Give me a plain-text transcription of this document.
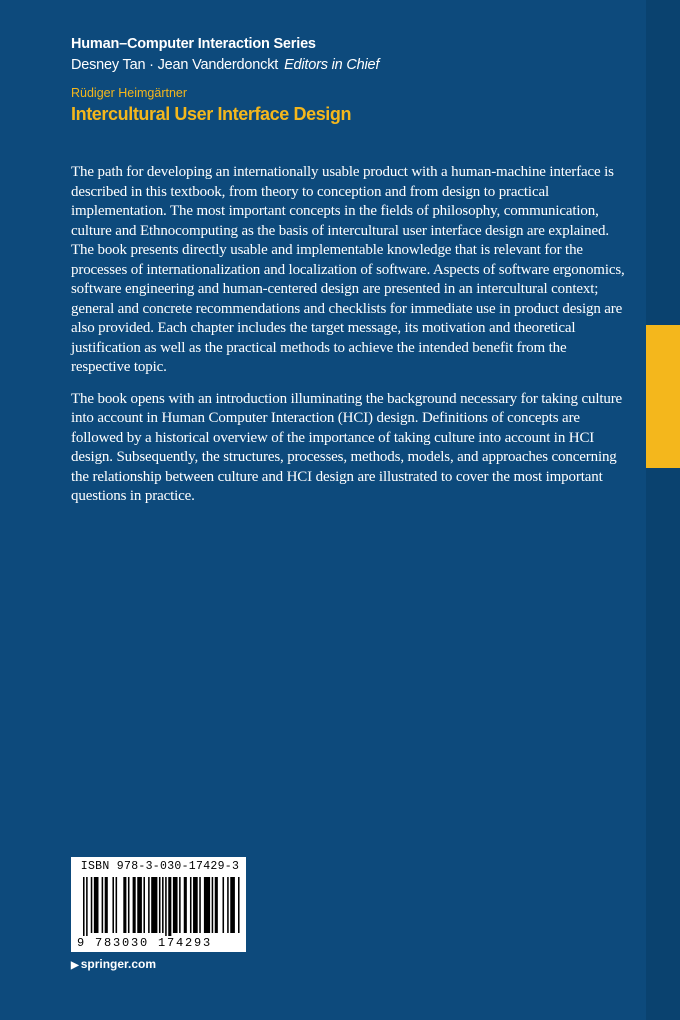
Human–Computer Interaction Series
Desney Tan · Jean Vanderdonckt Editors in Chief
Rüdiger Heimgärtner
Intercultural User Interface Design

The path for developing an internationally usable product with a human-machine interface is described in this textbook, from theory to conception and from design to practical implementation. The most important concepts in the fields of philosophy, communication, culture and Ethnocomputing as the basis of intercultural user interface design are explained. The book presents directly usable and implementable knowledge that is relevant for the processes of internationalization and localization of software. Aspects of software ergonomics, software engineering and human-centered design are presented in an intercultural context; general and concrete recommendations and checklists for immediate use in product design are also provided. Each chapter includes the target message, its motivation and theoretical justification as well as the practical methods to achieve the intended benefit from the respective topic.

The book opens with an introduction illuminating the background necessary for taking culture into account in Human Computer Interaction (HCI) design. Definitions of concepts are followed by a historical overview of the importance of taking culture into account in HCI design. Subsequently, the structures, processes, methods, models, and approaches concerning the relationship between culture and HCI design are illustrated to cover the most important questions in practice.

ISBN 978-3-030-17429-3
9 783030 174293
▶ springer.com
